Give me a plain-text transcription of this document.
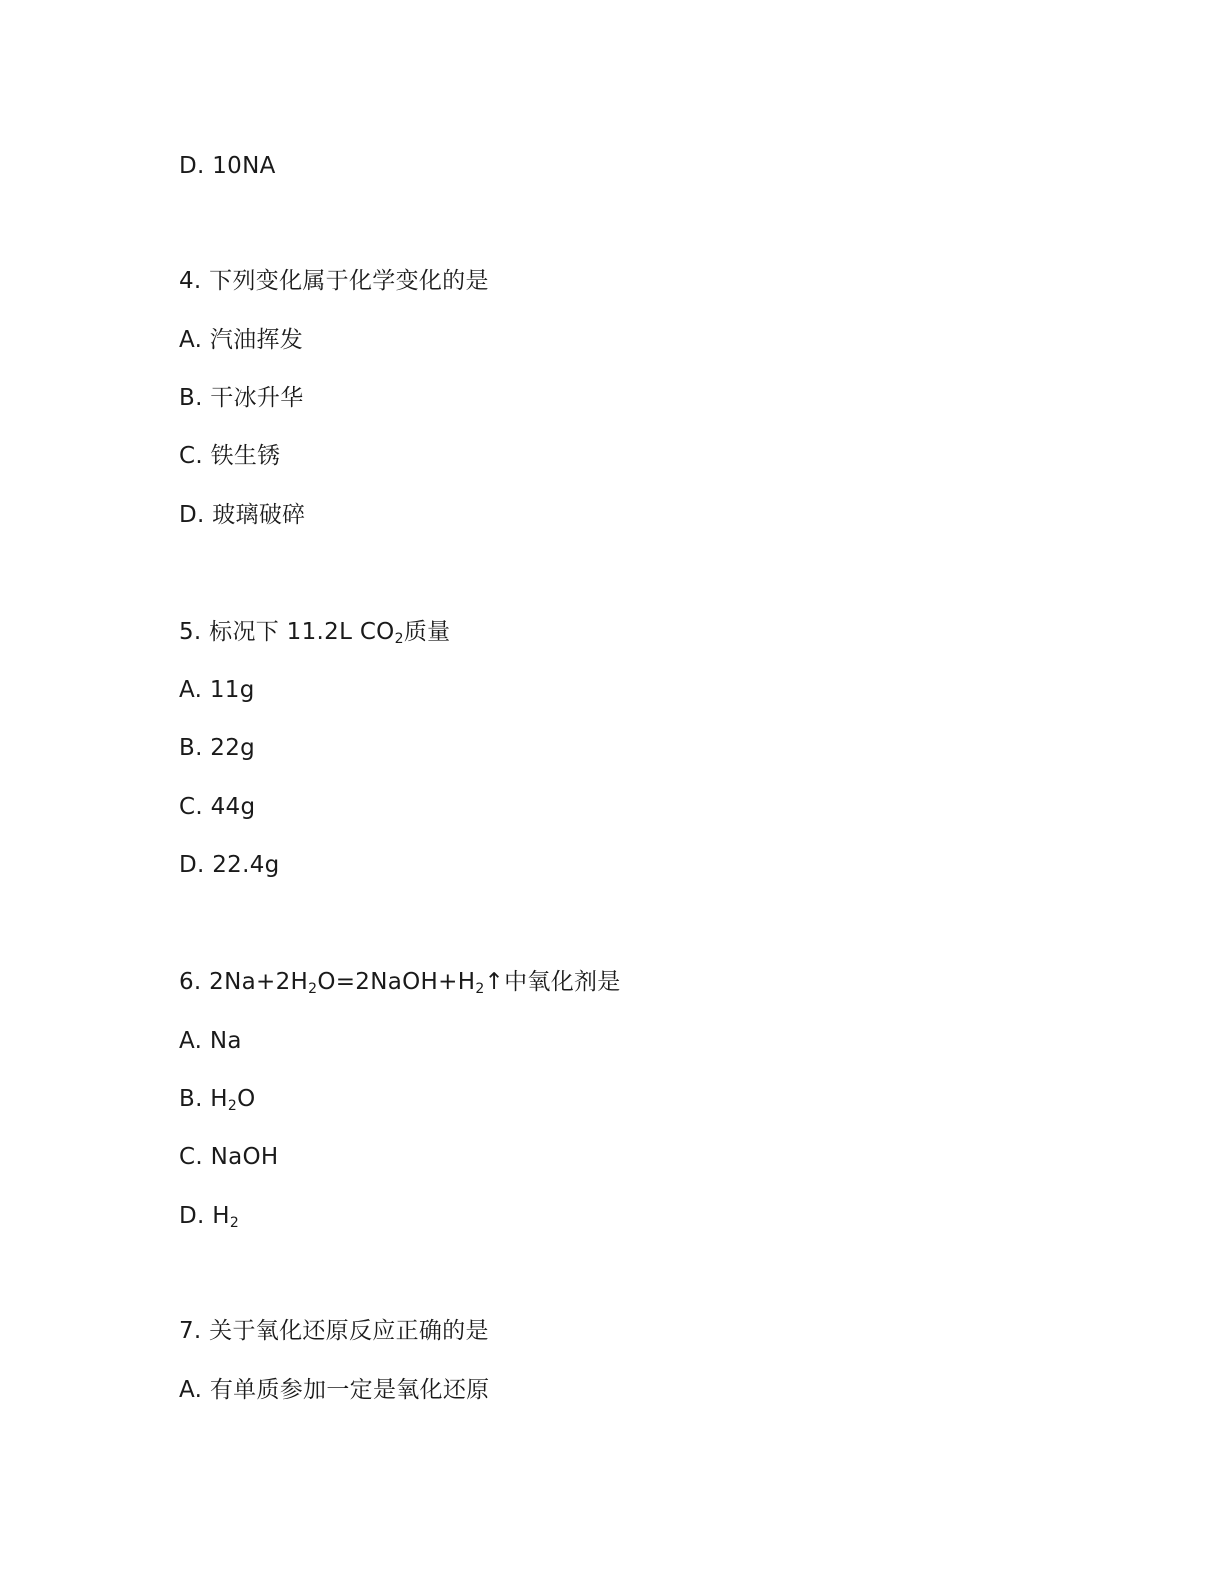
D. 10NA
4. 下列变化属于化学变化的是
A. 汽油挥发
B. 干冰升华
C. 铁生锈
D. 玻璃破碎
5. 标况下 11.2L $CO_2$质量
A. 11g
B. 22g
C. 44g
D. 22.4g
6. $2Na+2H_2O=2NaOH+H_2↑$中氧化剂是
A. Na
B. $H_2O$
C. NaOH
D. $H_2$
7. 关于氧化还原反应正确的是
A. 有单质参加一定是氧化还原
